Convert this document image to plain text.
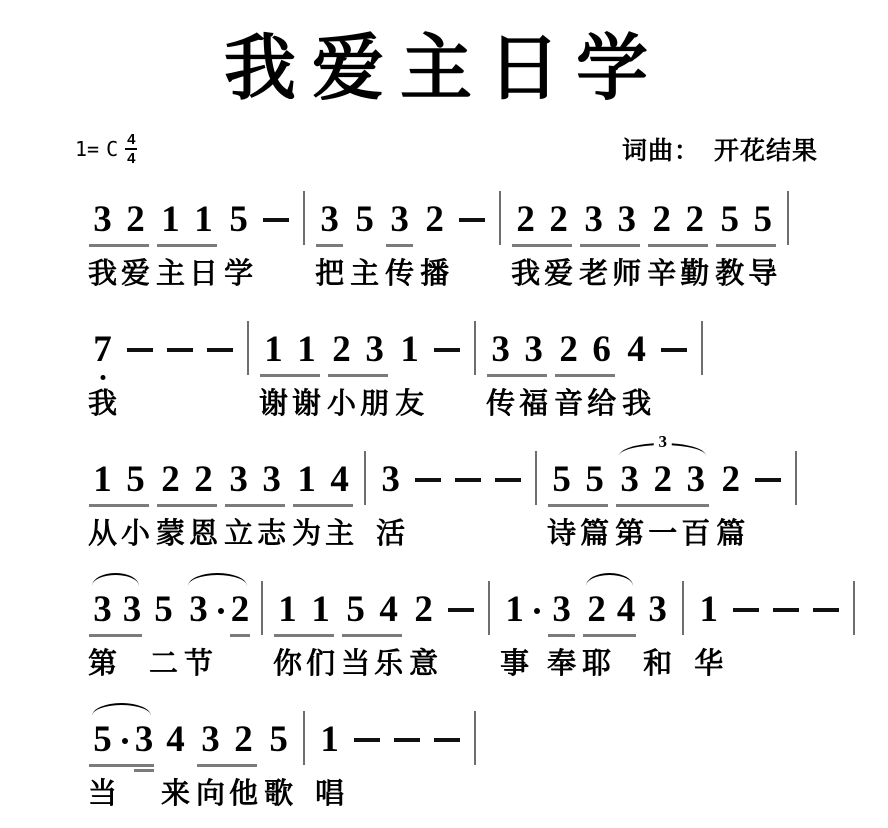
我爱主日学
1= C $\frac{4}{4}$	词曲： 开花结果
3
我
2
爱
1
主
1
日
5
学
3
把
5
主
3
传
2
播
2
我
2
爱
3
老
3
师
2
辛
2
勤
5
教
5
导
7
我
1
谢
1
谢
2
小
3
朋
1
友
3
传
3
福
2
音
6
给
4
我
1
从
5
小
2
蒙
2
恩
3
立
3
志
1
为
4
主
3
活
5
诗
5
篇
3
3
第
2
一
3
百
2
篇
3
第
3 5
二
3
节
2 1
你
1
们
5
当
4
乐
2
意
1
事
3
奉
2
耶
4 3
和
1
华
5
当
3 4
来
3
向
2
他
5
歌
1
唱
